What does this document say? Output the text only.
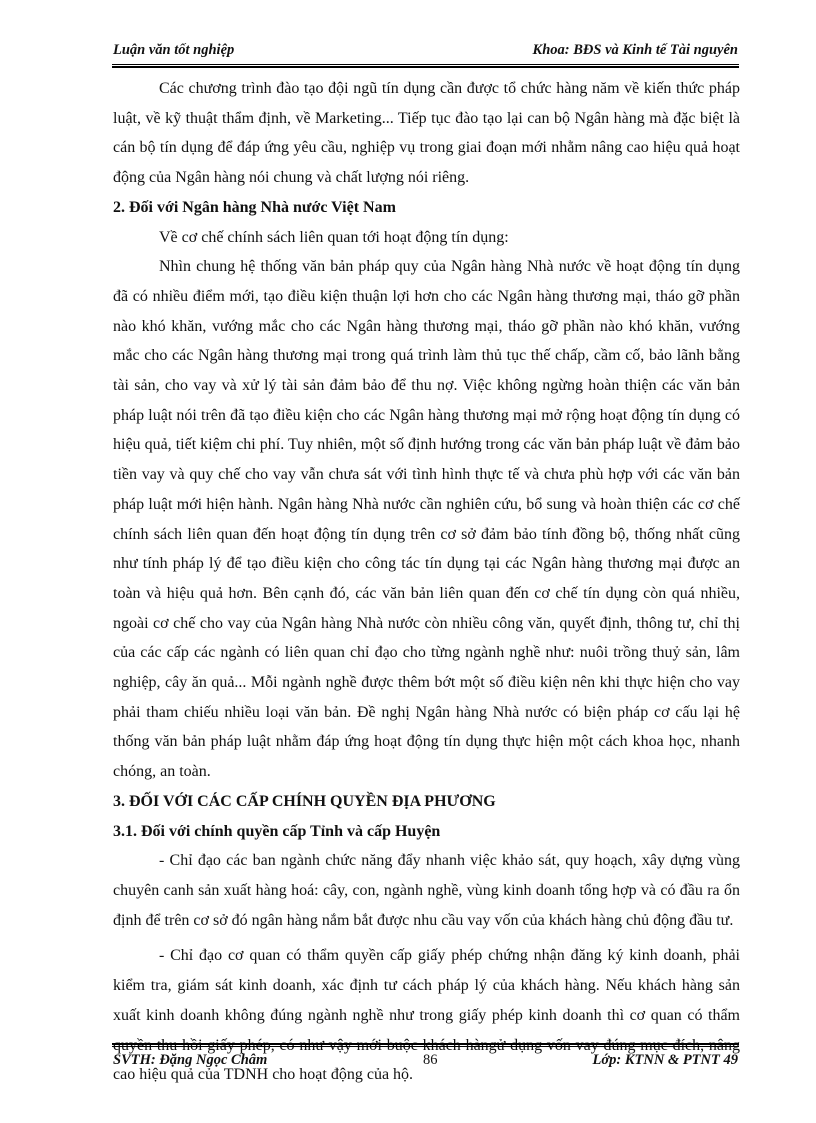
Luận văn tốt nghiệp	Khoa: BĐS và Kinh tế Tài nguyên

Các chương trình đào tạo đội ngũ tín dụng cần được tổ chức hàng năm về kiến thức pháp luật, về kỹ thuật thẩm định, về Marketing... Tiếp tục đào tạo lại can bộ Ngân hàng mà đặc biệt là cán bộ tín dụng để đáp ứng yêu cầu, nghiệp vụ trong giai đoạn mới nhằm nâng cao hiệu quả hoạt động của Ngân hàng nói chung và chất lượng nói riêng.

2. Đối với Ngân hàng Nhà nước Việt Nam

Về cơ chế chính sách liên quan tới hoạt động tín dụng:

Nhìn chung hệ thống văn bản pháp quy của Ngân hàng Nhà nước về hoạt động tín dụng đã có nhiều điểm mới, tạo điều kiện thuận lợi hơn cho các Ngân hàng thương mại, tháo gỡ phần nào khó khăn, vướng mắc cho các Ngân hàng thương mại, tháo gỡ phần nào khó khăn, vướng mắc cho các Ngân hàng thương mại trong quá trình làm thủ tục thế chấp, cầm cố, bảo lãnh bằng tài sản, cho vay và xử lý tài sản đảm bảo để thu nợ. Việc không ngừng hoàn thiện các văn bản pháp luật nói trên đã tạo điều kiện cho các Ngân hàng thương mại mở rộng hoạt động tín dụng có hiệu quả, tiết kiệm chi phí. Tuy nhiên, một số định hướng trong các văn bản pháp luật về đảm bảo tiền vay và quy chế cho vay vẫn chưa sát với tình hình thực tế và chưa phù hợp với các văn bản pháp luật mới hiện hành. Ngân hàng Nhà nước cần nghiên cứu, bổ sung và hoàn thiện các cơ chế chính sách liên quan đến hoạt động tín dụng trên cơ sở đảm bảo tính đồng bộ, thống nhất cũng như tính pháp lý để tạo điều kiện cho công tác tín dụng tại các Ngân hàng thương mại được an toàn và hiệu quả hơn. Bên cạnh đó, các văn bản liên quan đến cơ chế tín dụng còn quá nhiều, ngoài cơ chế cho vay của Ngân hàng Nhà nước còn nhiều công văn, quyết định, thông tư, chỉ thị của các cấp các ngành có liên quan chỉ đạo cho từng ngành nghề như: nuôi trồng thuỷ sản, lâm nghiệp, cây ăn quả... Mỗi ngành nghề được thêm bớt một số điều kiện nên khi thực hiện cho vay phải tham chiếu nhiều loại văn bản. Đề nghị Ngân hàng Nhà nước có biện pháp cơ cấu lại hệ thống văn bản pháp luật nhằm đáp ứng hoạt động tín dụng thực hiện một cách khoa học, nhanh chóng, an toàn.

3. ĐỐI VỚI CÁC CẤP CHÍNH QUYỀN ĐỊA PHƯƠNG
3.1. Đối với chính quyền cấp Tỉnh và cấp Huyện

- Chỉ đạo các ban ngành chức năng đẩy nhanh việc khảo sát, quy hoạch, xây dựng vùng chuyên canh sản xuất hàng hoá: cây, con, ngành nghề, vùng kinh doanh tổng hợp và có đầu ra ổn định để trên cơ sở đó ngân hàng nắm bắt được nhu cầu vay vốn của khách hàng chủ động đầu tư.

- Chỉ đạo cơ quan có thẩm quyền cấp giấy phép chứng nhận đăng ký kinh doanh, phải kiểm tra, giám sát kinh doanh, xác định tư cách pháp lý của khách hàng. Nếu khách hàng sản xuất kinh doanh không đúng ngành nghề như trong giấy phép kinh doanh thì cơ quan có thẩm quyền thu hồi giấy phép, có như vậy mới buộc khách hàngử dụng vốn vay đúng mục đích, nâng cao hiệu quả của TDNH cho hoạt động của hộ.

SVTH: Đặng Ngọc Châm	86	Lớp: KTNN & PTNT 49
